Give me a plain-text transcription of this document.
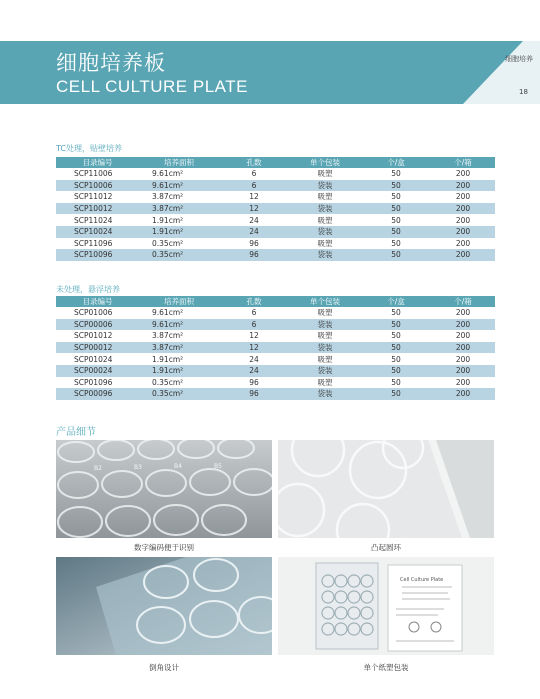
细胞培养板
CELL CULTURE PLATE
细胞培养
18
TC处理，贴壁培养
目录编号	培养面积	孔数	单个包装	个/盒	个/箱
SCP11006	9.61cm²	6	吸塑	50	200
SCP10006	9.61cm²	6	袋装	50	200
SCP11012	3.87cm²	12	吸塑	50	200
SCP10012	3.87cm²	12	袋装	50	200
SCP11024	1.91cm²	24	吸塑	50	200
SCP10024	1.91cm²	24	袋装	50	200
SCP11096	0.35cm²	96	吸塑	50	200
SCP10096	0.35cm²	96	袋装	50	200
未处理，悬浮培养
目录编号	培养面积	孔数	单个包装	个/盒	个/箱
SCP01006	9.61cm²	6	吸塑	50	200
SCP00006	9.61cm²	6	袋装	50	200
SCP01012	3.87cm²	12	吸塑	50	200
SCP00012	3.87cm²	12	袋装	50	200
SCP01024	1.91cm²	24	吸塑	50	200
SCP00024	1.91cm²	24	袋装	50	200
SCP01096	0.35cm²	96	吸塑	50	200
SCP00096	0.35cm²	96	袋装	50	200
产品细节
B2	B3	B4	B5
数字编码便于识别	凸起圆环
倒角设计
Cell Culture Plate
单个纸塑包装
